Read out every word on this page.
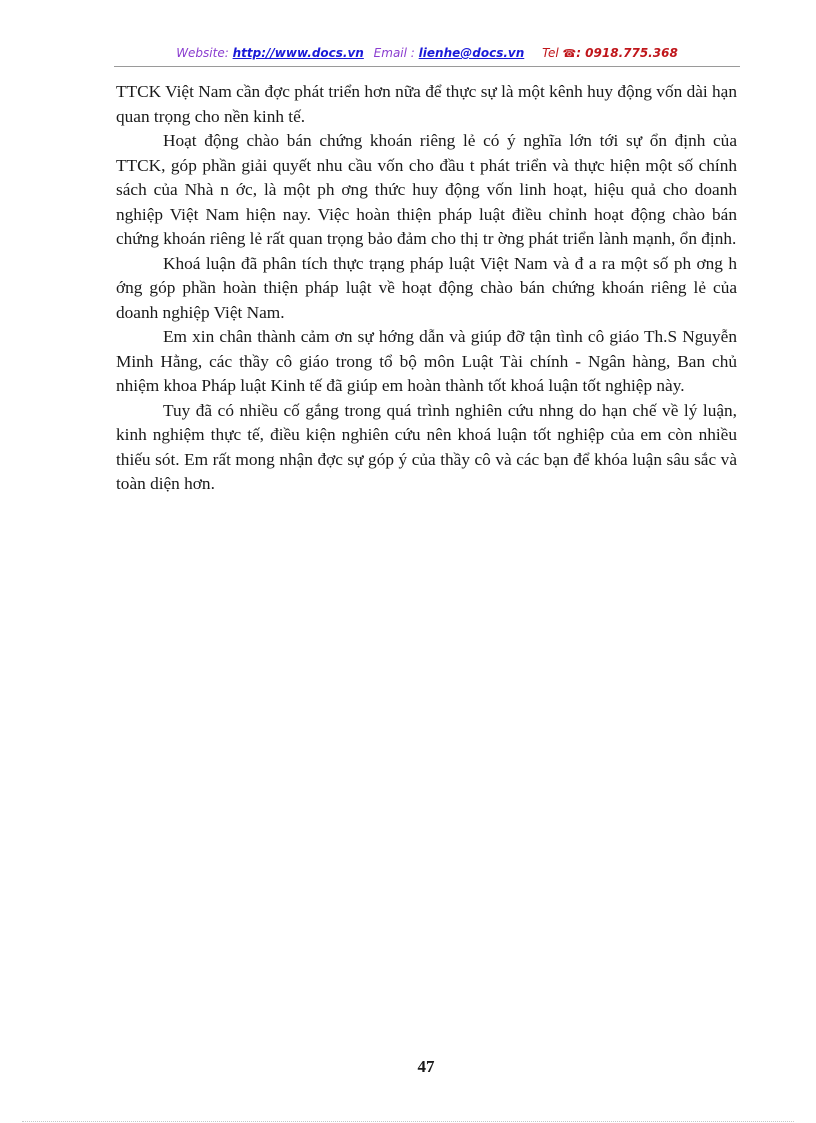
Website: http://www.docs.vn Email : lienhe@docs.vn Tel ☎: 0918.775.368

TTCK Việt Nam cần đợc phát triển hơn nữa để thực sự là một kênh huy động vốn dài hạn quan trọng cho nền kinh tế.

Hoạt động chào bán chứng khoán riêng lẻ có ý nghĩa lớn tới sự ổn định của TTCK, góp phần giải quyết nhu cầu vốn cho đầu t phát triển và thực hiện một số chính sách của Nhà n ớc, là một ph ơng thức huy động vốn linh hoạt, hiệu quả cho doanh nghiệp Việt Nam hiện nay. Việc hoàn thiện pháp luật điều chỉnh hoạt động chào bán chứng khoán riêng lẻ rất quan trọng bảo đảm cho thị tr ờng phát triển lành mạnh, ổn định.

Khoá luận đã phân tích thực trạng pháp luật Việt Nam và đ a ra một số ph ơng h ớng góp phần hoàn thiện pháp luật về hoạt động chào bán chứng khoán riêng lẻ của doanh nghiệp Việt Nam.

Em xin chân thành cảm ơn sự hớng dẫn và giúp đỡ tận tình cô giáo Th.S Nguyễn Minh Hằng, các thầy cô giáo trong tổ bộ môn Luật Tài chính - Ngân hàng, Ban chủ nhiệm khoa Pháp luật Kinh tế đã giúp em hoàn thành tốt khoá luận tốt nghiệp này.

Tuy đã có nhiều cố gắng trong quá trình nghiên cứu nhng do hạn chế về lý luận, kinh nghiệm thực tế, điều kiện nghiên cứu nên khoá luận tốt nghiệp của em còn nhiều thiếu sót. Em rất mong nhận đợc sự góp ý của thầy cô và các bạn để khóa luận sâu sắc và toàn diện hơn.

47
